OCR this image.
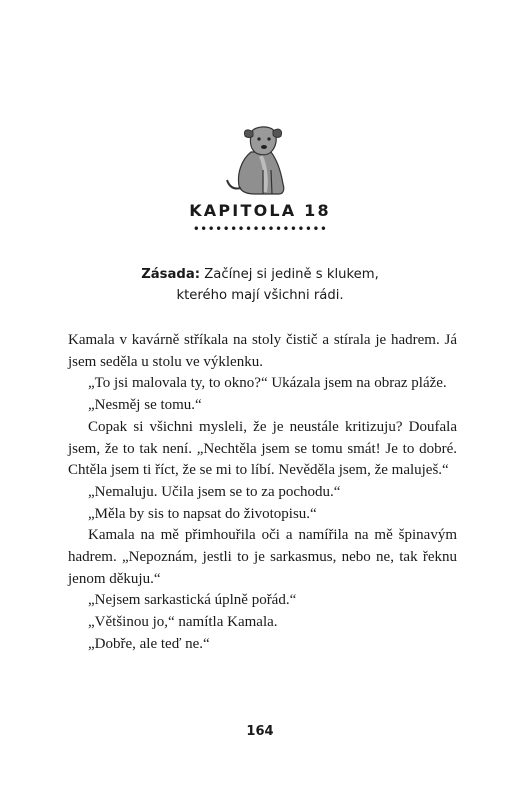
KAPITOLA 18
••••••••••••••••••
Zásada: Začínej si jedině s klukem,
kterého mají všichni rádi.

Kamala v kavárně stříkala na stoly čistič a stírala je hadrem. Já jsem seděla u stolu ve výklenku.

„To jsi malovala ty, to okno?“ Ukázala jsem na obraz pláže.

„Nesměj se tomu.“

Copak si všichni mysleli, že je neustále kritizuju? Doufala jsem, že to tak není. „Nechtěla jsem se tomu smát! Je to dobré. Chtěla jsem ti říct, že se mi to líbí. Nevěděla jsem, že maluješ.“

„Nemaluju. Učila jsem se to za pochodu.“

„Měla by sis to napsat do životopisu.“

Kamala na mě přimhouřila oči a namířila na mě špinavým hadrem. „Nepoznám, jestli to je sarkasmus, nebo ne, tak řeknu jenom děkuju.“

„Nejsem sarkastická úplně pořád.“

„Většinou jo,“ namítla Kamala.

„Dobře, ale teď ne.“

164
